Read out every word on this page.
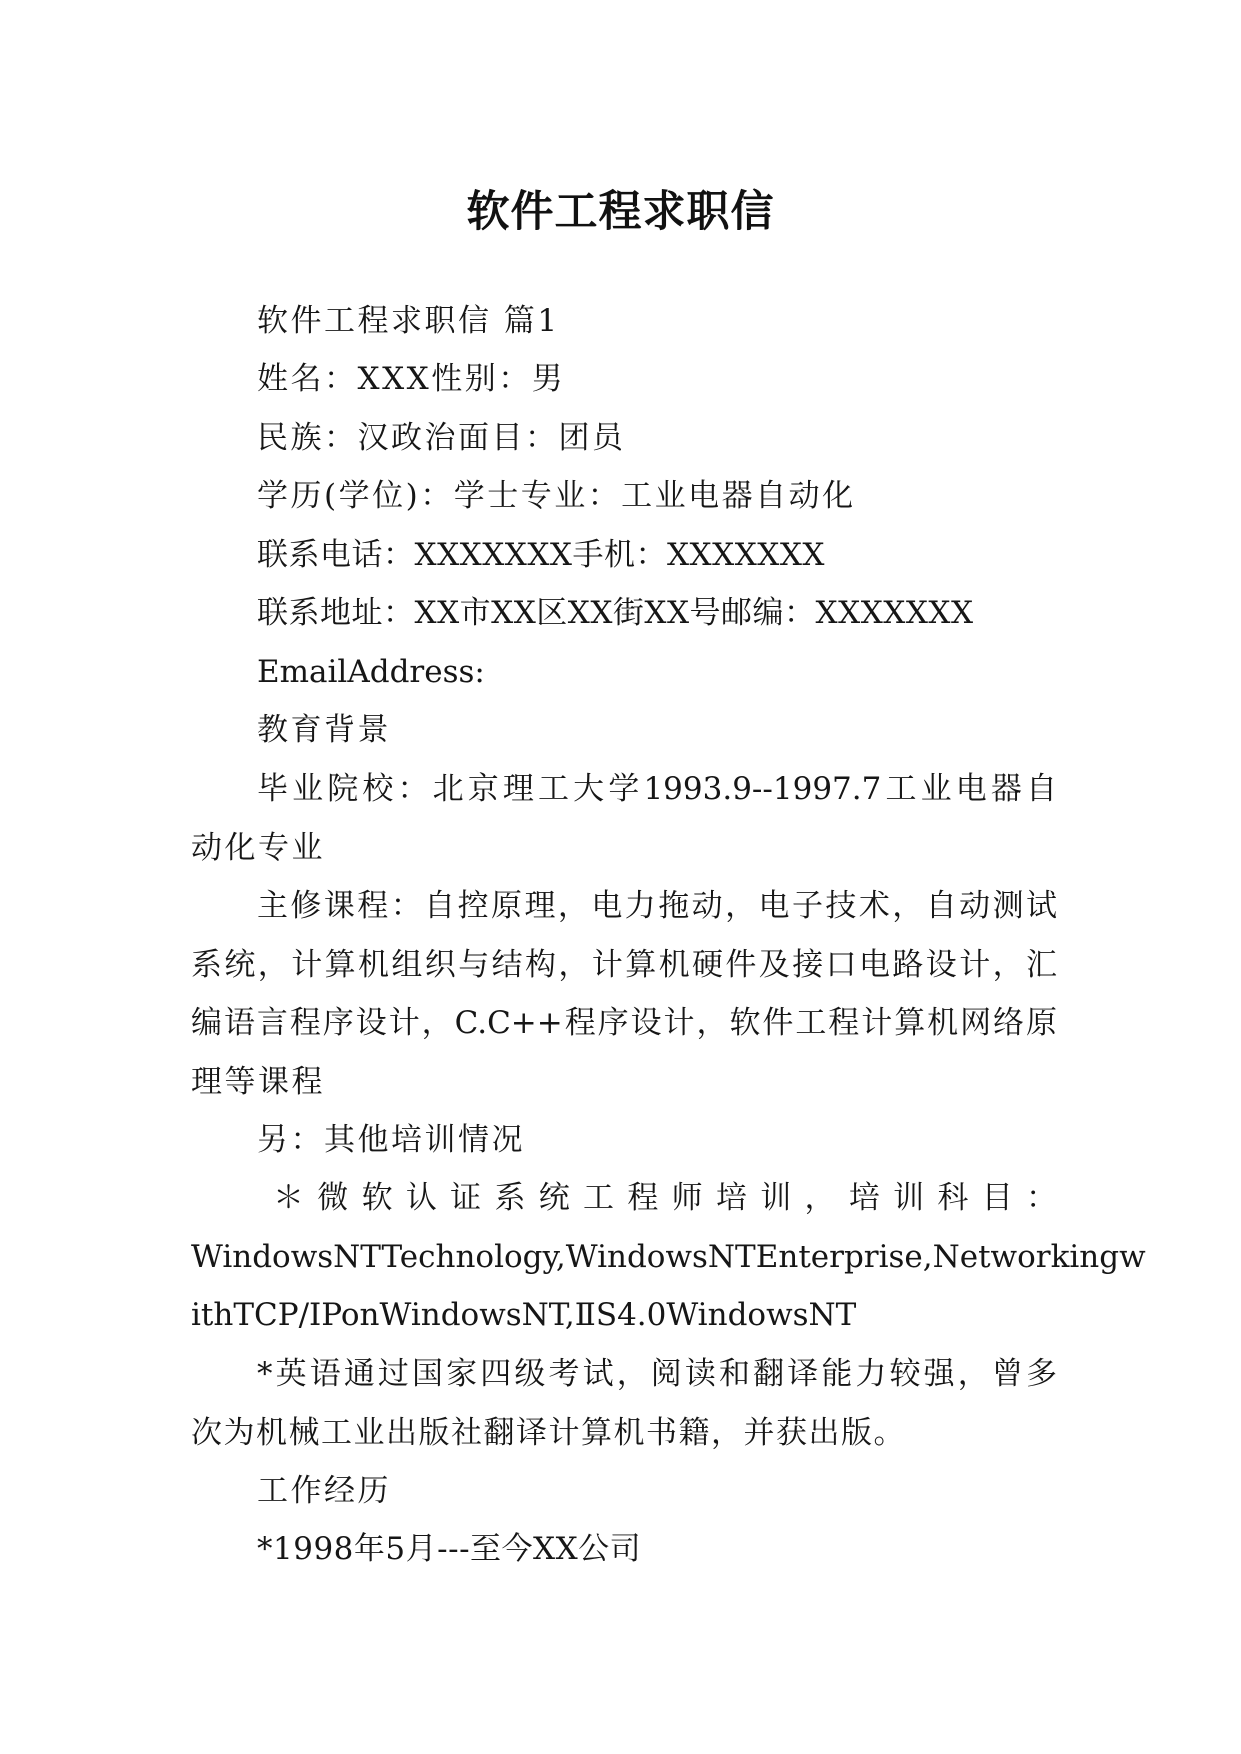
软件工程求职信

软件工程求职信 篇1

姓名：XXX性别：男

民族：汉政治面目：团员

学历(学位)：学士专业：工业电器自动化

联系电话：XXXXXXX手机：XXXXXXX

联系地址：XX市XX区XX街XX号邮编：XXXXXXX

EmailAddress:

教育背景

毕业院校：北京理工大学1993.9--1997.7工业电器自
动化专业

主修课程：自控原理，电力拖动，电子技术，自动测试
系统，计算机组织与结构，计算机硬件及接口电路设计，汇
编语言程序设计，C.C++程序设计，软件工程计算机网络原
理等课程

另：其他培训情况

＊微软认证系统工程师培训，培训科目：
WindowsNTTechnology,WindowsNTEnterprise,Networkingw
ithTCP/IPonWindowsNT,ⅡS4.0WindowsNT

*英语通过国家四级考试，阅读和翻译能力较强，曾多
次为机械工业出版社翻译计算机书籍，并获出版。

工作经历

*1998年5月---至今XX公司
